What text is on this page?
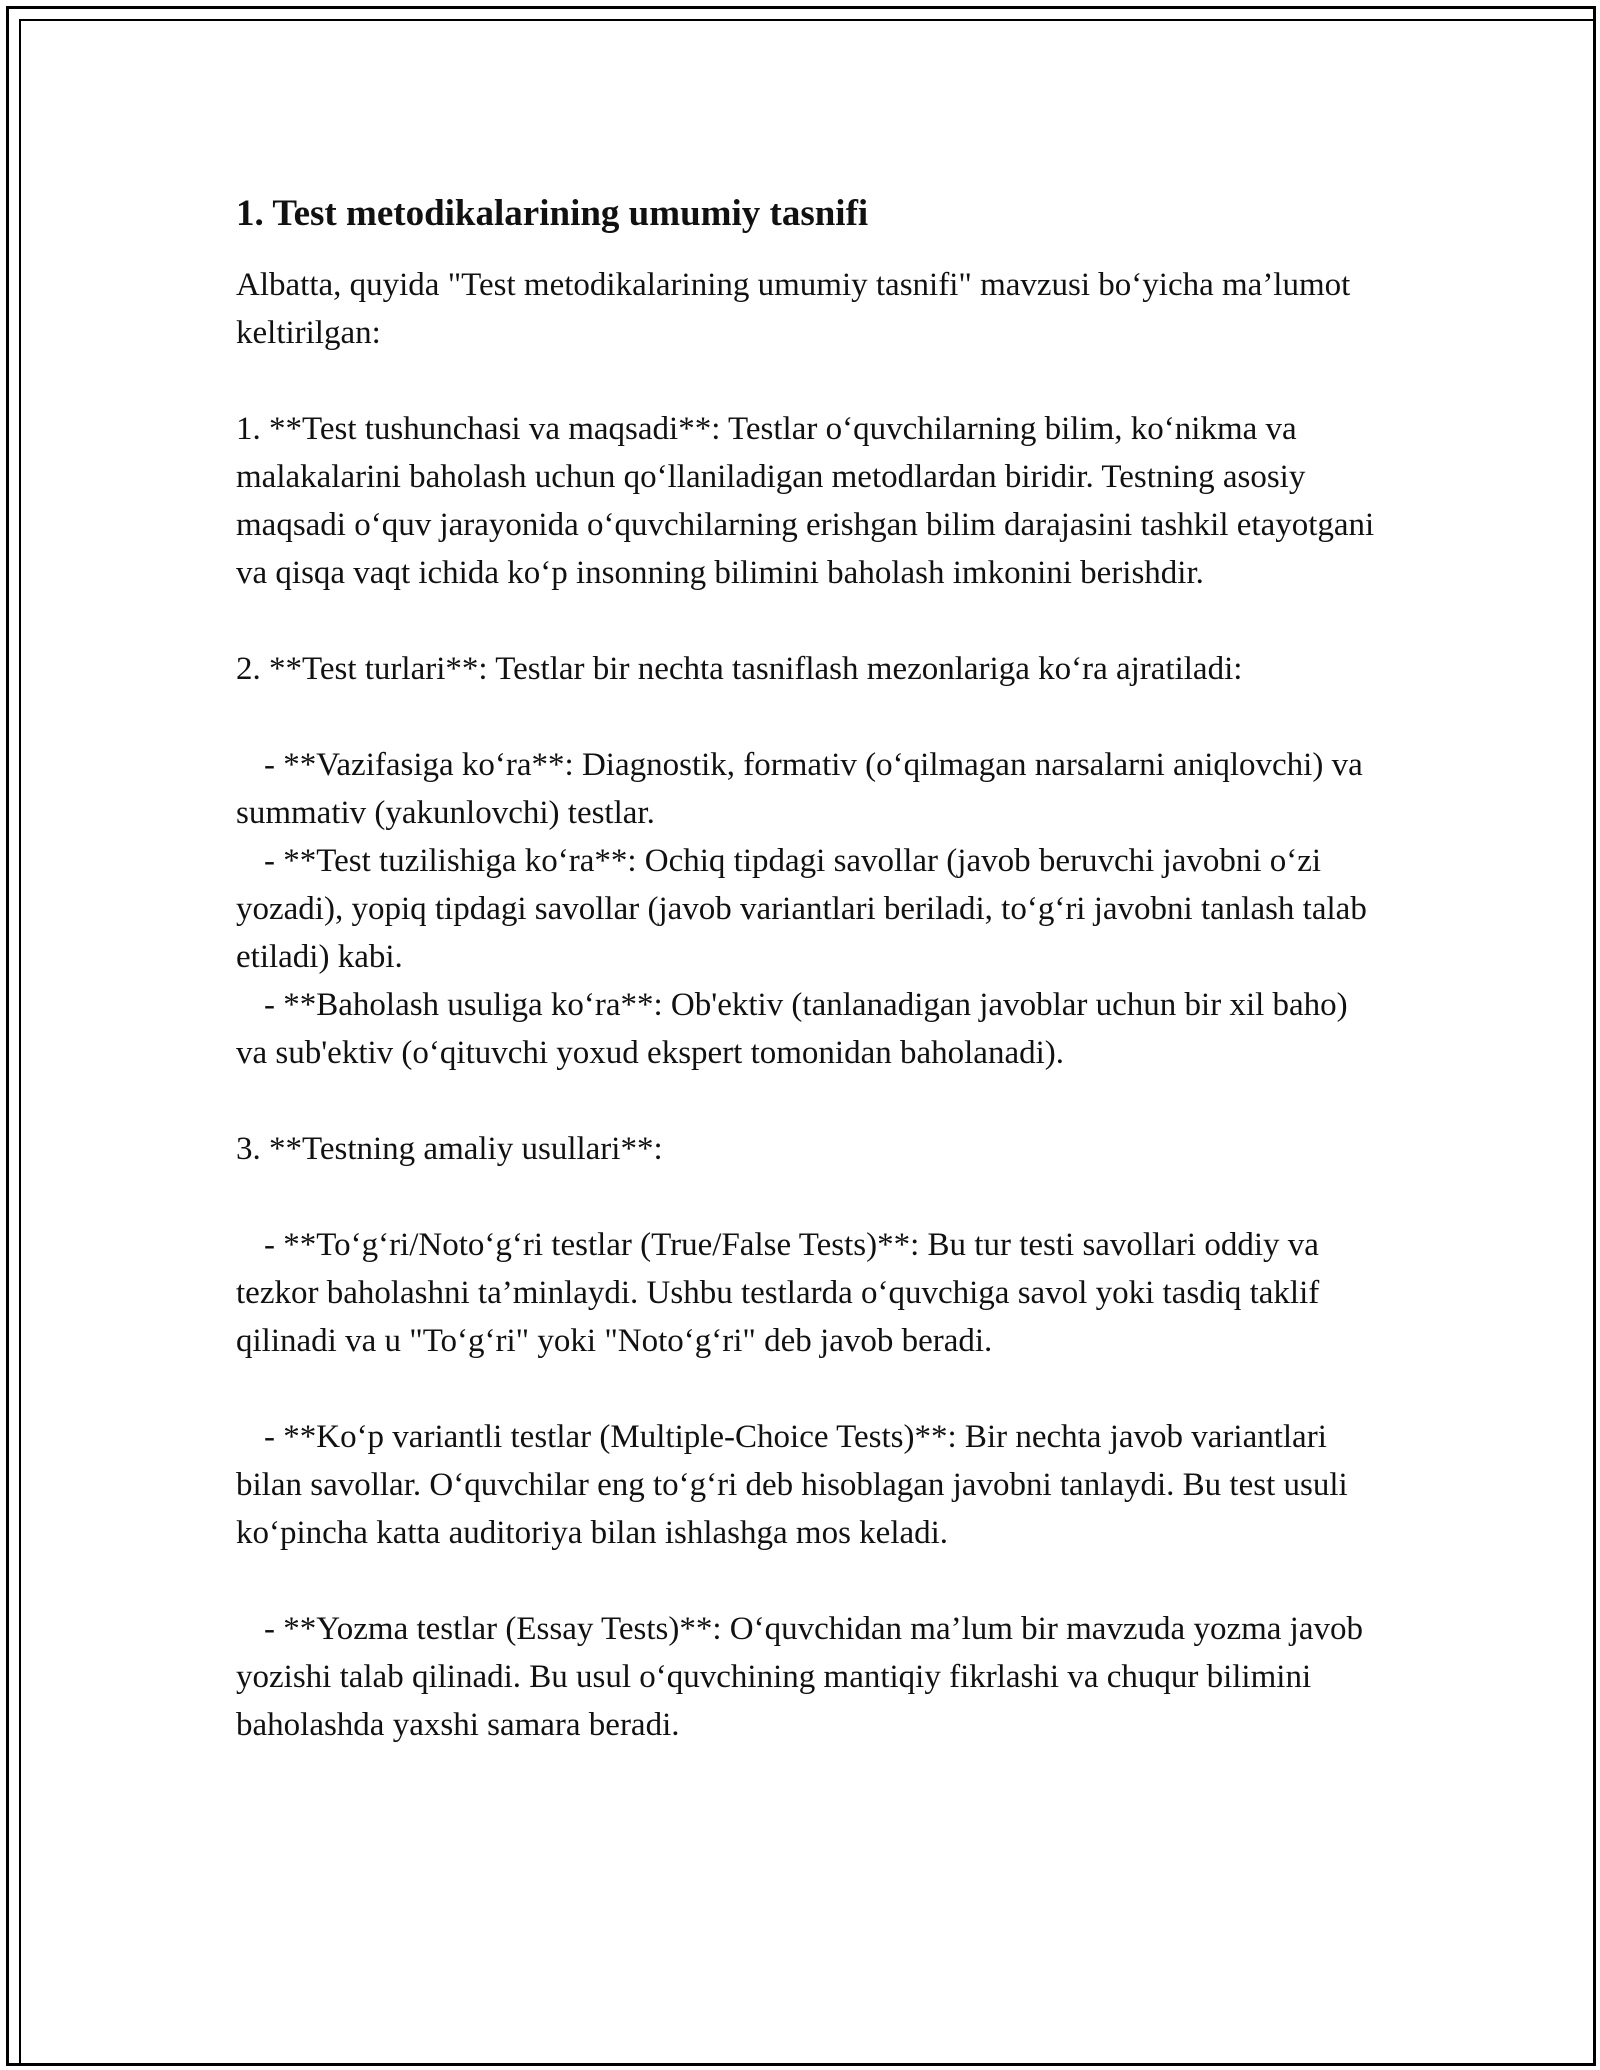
1. Test metodikalarining umumiy tasnifi

Albatta, quyida "Test metodikalarining umumiy tasnifi" mavzusi bo‘yicha ma’lumot keltirilgan:

1. **Test tushunchasi va maqsadi**: Testlar o‘quvchilarning bilim, ko‘nikma va malakalarini baholash uchun qo‘llaniladigan metodlardan biridir. Testning asosiy maqsadi o‘quv jarayonida o‘quvchilarning erishgan bilim darajasini tashkil etayotgani va qisqa vaqt ichida ko‘p insonning bilimini baholash imkonini berishdir.

2. **Test turlari**: Testlar bir nechta tasniflash mezonlariga ko‘ra ajratiladi:

- **Vazifasiga ko‘ra**: Diagnostik, formativ (o‘qilmagan narsalarni aniqlovchi) va summativ (yakunlovchi) testlar.

- **Test tuzilishiga ko‘ra**: Ochiq tipdagi savollar (javob beruvchi javobni o‘zi yozadi), yopiq tipdagi savollar (javob variantlari beriladi, to‘g‘ri javobni tanlash talab etiladi) kabi.

- **Baholash usuliga ko‘ra**: Ob'ektiv (tanlanadigan javoblar uchun bir xil baho) va sub'ektiv (o‘qituvchi yoxud ekspert tomonidan baholanadi).

3. **Testning amaliy usullari**:

- **To‘g‘ri/Noto‘g‘ri testlar (True/False Tests)**: Bu tur testi savollari oddiy va tezkor baholashni ta’minlaydi. Ushbu testlarda o‘quvchiga savol yoki tasdiq taklif qilinadi va u "To‘g‘ri" yoki "Noto‘g‘ri" deb javob beradi.

- **Ko‘p variantli testlar (Multiple-Choice Tests)**: Bir nechta javob variantlari bilan savollar. O‘quvchilar eng to‘g‘ri deb hisoblagan javobni tanlaydi. Bu test usuli ko‘pincha katta auditoriya bilan ishlashga mos keladi.

- **Yozma testlar (Essay Tests)**: O‘quvchidan ma’lum bir mavzuda yozma javob yozishi talab qilinadi. Bu usul o‘quvchining mantiqiy fikrlashi va chuqur bilimini baholashda yaxshi samara beradi.
